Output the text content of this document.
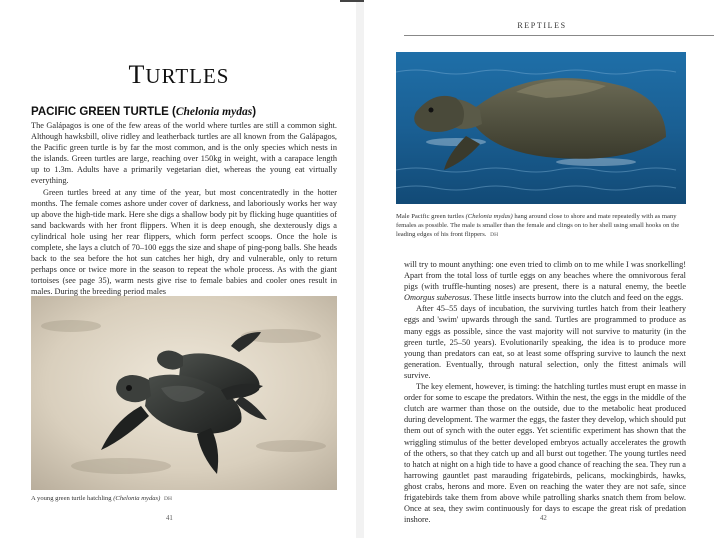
TURTLES
PACIFIC GREEN TURTLE (Chelonia mydas)

The Galápagos is one of the few areas of the world where turtles are still a common sight. Although hawksbill, olive ridley and leatherback turtles are all known from the Galápagos, the Pacific green turtle is by far the most common, and is the only species which nests in the islands. Green turtles are large, reaching over 150kg in weight, with a carapace length up to 1.3m. Adults have a primarily vegetarian diet, whereas the young eat virtually everything.

Green turtles breed at any time of the year, but most concentratedly in the hotter months. The female comes ashore under cover of darkness, and laboriously works her way up above the high-tide mark. Here she digs a shallow body pit by flicking huge quantities of sand backwards with her front flippers. When it is deep enough, she dexterously digs a cylindrical hole using her rear flippers, which form perfect scoops. Once the hole is complete, she lays a clutch of 70–100 eggs the size and shape of ping-pong balls. She heads back to the sea before the hot sun catches her high, dry and vulnerable, only to return perhaps once or twice more in the season to repeat the whole process. As with the giant tortoises (see page 35), warm nests give rise to female babies and cooler ones result in males. During the breeding period males

A young green turtle hatchling (Chelonia mydas) DH
41
REPTILES
42
Male Pacific green turtles (Chelonia mydas) hang around close to shore and mate repeatedly with as many females as possible. The male is smaller than the female and clings on to her shell using small hooks on the leading edges of his front flippers. DH

will try to mount anything: one even tried to climb on to me while I was snorkelling! Apart from the total loss of turtle eggs on any beaches where the omnivorous feral pigs (with truffle-hunting noses) are present, there is a natural enemy, the beetle Omorgus suberosus. These little insects burrow into the clutch and feed on the eggs.

After 45–55 days of incubation, the surviving turtles hatch from their leathery eggs and 'swim' upwards through the sand. Turtles are programmed to produce as many eggs as possible, since the vast majority will not survive to maturity (in the green turtle, 25–50 years). Evolutionarily speaking, the idea is to produce more young than predators can eat, so at least some offspring survive to launch the next generation. Eventually, through natural selection, only the fittest animals will survive.

The key element, however, is timing: the hatchling turtles must erupt en masse in order for some to escape the predators. Within the nest, the eggs in the middle of the clutch are warmer than those on the outside, due to the metabolic heat produced during development. The warmer the eggs, the faster they develop, which should put them out of synch with the outer eggs. Yet scientific experiment has shown that the wriggling stimulus of the better developed embryos actually accelerates the growth of the others, so that they catch up and all burst out together. The young turtles need to hatch at night on a high tide to have a good chance of reaching the sea. They run a harrowing gauntlet past marauding frigatebirds, pelicans, mockingbirds, hawks, ghost crabs, herons and more. Even on reaching the water they are not safe, since frigatebirds take them from above while patrolling sharks snatch them from below. Once at sea, they swim continuously for days to escape the great risk of predation inshore.
